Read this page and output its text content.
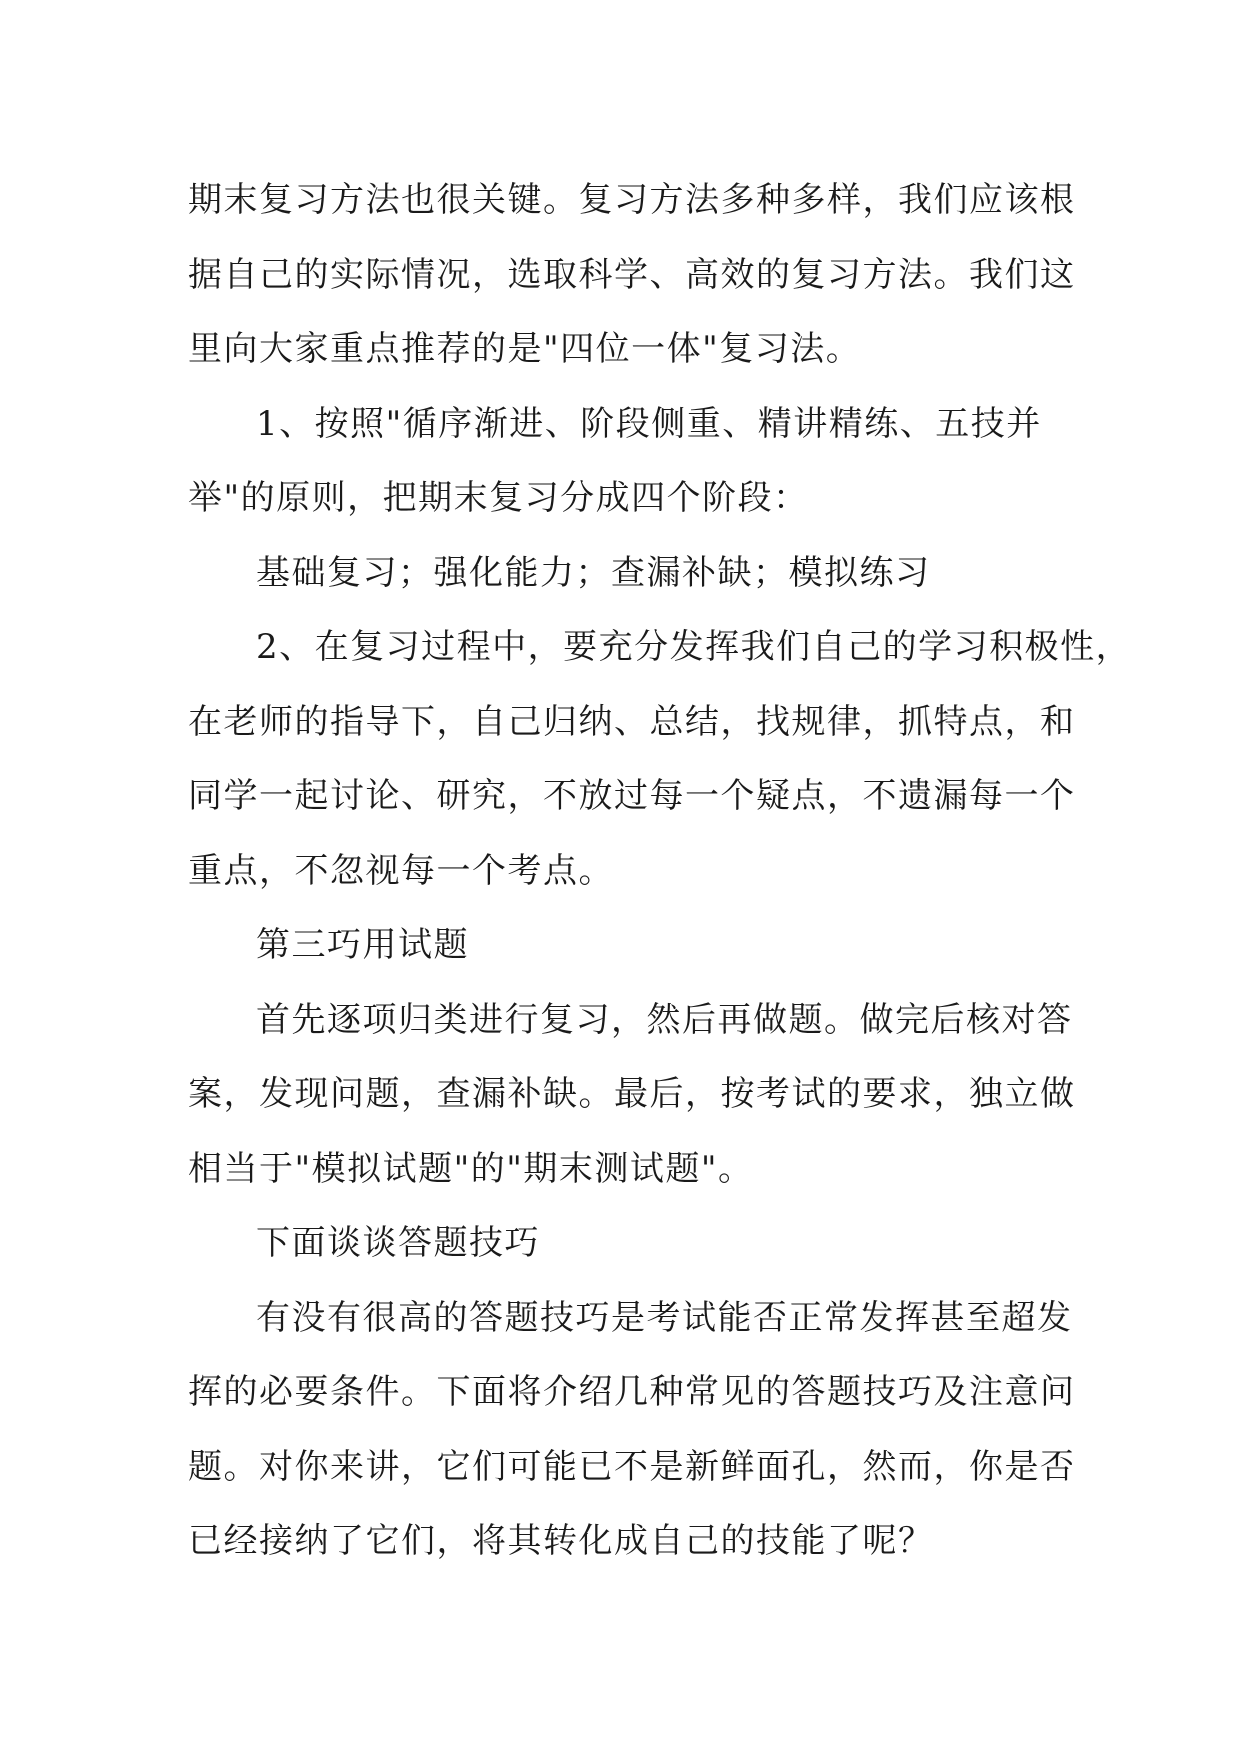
期末复习方法也很关键。复习方法多种多样，我们应该根
据自己的实际情况，选取科学、高效的复习方法。我们这
里向大家重点推荐的是"四位一体"复习法。
1、按照"循序渐进、阶段侧重、精讲精练、五技并
举"的原则，把期末复习分成四个阶段：
基础复习；强化能力；查漏补缺；模拟练习
2、在复习过程中，要充分发挥我们自己的学习积极性，
在老师的指导下，自己归纳、总结，找规律，抓特点，和
同学一起讨论、研究，不放过每一个疑点，不遗漏每一个
重点，不忽视每一个考点。
第三巧用试题
首先逐项归类进行复习，然后再做题。做完后核对答
案，发现问题，查漏补缺。最后，按考试的要求，独立做
相当于"模拟试题"的"期末测试题"。
下面谈谈答题技巧
有没有很高的答题技巧是考试能否正常发挥甚至超发
挥的必要条件。下面将介绍几种常见的答题技巧及注意问
题。对你来讲，它们可能已不是新鲜面孔，然而，你是否
已经接纳了它们，将其转化成自己的技能了呢？
